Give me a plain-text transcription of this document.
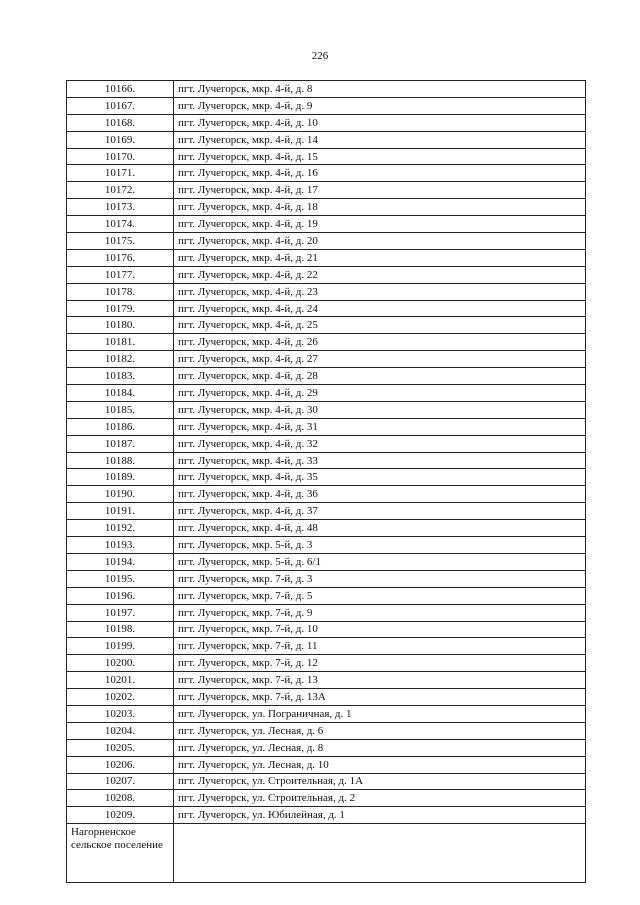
226
10166.	пгт. Лучегорск, мкр. 4-й, д. 8
10167.	пгт. Лучегорск, мкр. 4-й, д. 9
10168.	пгт. Лучегорск, мкр. 4-й, д. 10
10169.	пгт. Лучегорск, мкр. 4-й, д. 14
10170.	пгт. Лучегорск, мкр. 4-й, д. 15
10171.	пгт. Лучегорск, мкр. 4-й, д. 16
10172.	пгт. Лучегорск, мкр. 4-й, д. 17
10173.	пгт. Лучегорск, мкр. 4-й, д. 18
10174.	пгт. Лучегорск, мкр. 4-й, д. 19
10175.	пгт. Лучегорск, мкр. 4-й, д. 20
10176.	пгт. Лучегорск, мкр. 4-й, д. 21
10177.	пгт. Лучегорск, мкр. 4-й, д. 22
10178.	пгт. Лучегорск, мкр. 4-й, д. 23
10179.	пгт. Лучегорск, мкр. 4-й, д. 24
10180.	пгт. Лучегорск, мкр. 4-й, д. 25
10181.	пгт. Лучегорск, мкр. 4-й, д. 26
10182.	пгт. Лучегорск, мкр. 4-й, д. 27
10183.	пгт. Лучегорск, мкр. 4-й, д. 28
10184.	пгт. Лучегорск, мкр. 4-й, д. 29
10185.	пгт. Лучегорск, мкр. 4-й, д. 30
10186.	пгт. Лучегорск, мкр. 4-й, д. 31
10187.	пгт. Лучегорск, мкр. 4-й, д. 32
10188.	пгт. Лучегорск, мкр. 4-й, д. 33
10189.	пгт. Лучегорск, мкр. 4-й, д. 35
10190.	пгт. Лучегорск, мкр. 4-й, д. 36
10191.	пгт. Лучегорск, мкр. 4-й, д. 37
10192.	пгт. Лучегорск, мкр. 4-й, д. 48
10193.	пгт. Лучегорск, мкр. 5-й, д. 3
10194.	пгт. Лучегорск, мкр. 5-й, д. 6/1
10195.	пгт. Лучегорск, мкр. 7-й, д. 3
10196.	пгт. Лучегорск, мкр. 7-й, д. 5
10197.	пгт. Лучегорск, мкр. 7-й, д. 9
10198.	пгт. Лучегорск, мкр. 7-й, д. 10
10199.	пгт. Лучегорск, мкр. 7-й, д. 11
10200.	пгт. Лучегорск, мкр. 7-й, д. 12
10201.	пгт. Лучегорск, мкр. 7-й, д. 13
10202.	пгт. Лучегорск, мкр. 7-й, д. 13А
10203.	пгт. Лучегорск, ул. Пограничная, д. 1
10204.	пгт. Лучегорск, ул. Лесная, д. 6
10205.	пгт. Лучегорск, ул. Лесная, д. 8
10206.	пгт. Лучегорск, ул. Лесная, д. 10
10207.	пгт. Лучегорск, ул. Строительная, д. 1А
10208.	пгт. Лучегорск, ул. Строительная, д. 2
10209.	пгт. Лучегорск, ул. Юбилейная, д. 1
Нагорненское сельское поселение	
